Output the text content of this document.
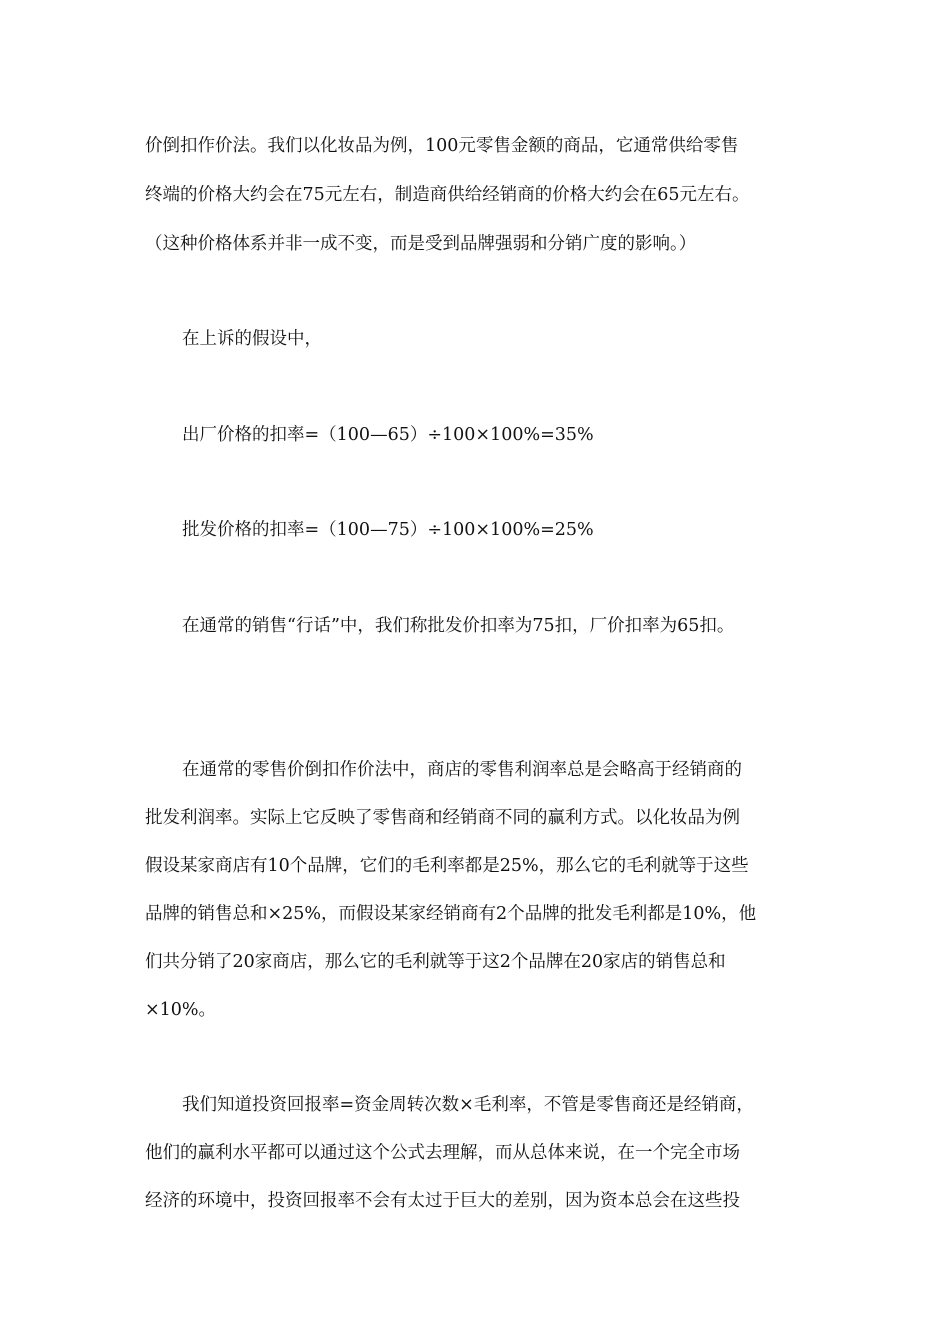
价倒扣作价法。我们以化妆品为例，100元零售金额的商品，它通常供给零售
终端的价格大约会在75元左右，制造商供给经销商的价格大约会在65元左右。
（这种价格体系并非一成不变，而是受到品牌强弱和分销广度的影响。）
在上诉的假设中，
出厂价格的扣率=（100—65）÷100×100%=35%
批发价格的扣率=（100—75）÷100×100%=25%
在通常的销售“行话”中，我们称批发价扣率为75扣，厂价扣率为65扣。
在通常的零售价倒扣作价法中，商店的零售利润率总是会略高于经销商的
批发利润率。实际上它反映了零售商和经销商不同的赢利方式。以化妆品为例
假设某家商店有10个品牌，它们的毛利率都是25%，那么它的毛利就等于这些
品牌的销售总和×25%，而假设某家经销商有2个品牌的批发毛利都是10%，他
们共分销了20家商店，那么它的毛利就等于这2个品牌在20家店的销售总和
×10%。
我们知道投资回报率=资金周转次数×毛利率，不管是零售商还是经销商，
他们的赢利水平都可以通过这个公式去理解，而从总体来说，在一个完全市场
经济的环境中，投资回报率不会有太过于巨大的差别，因为资本总会在这些投
